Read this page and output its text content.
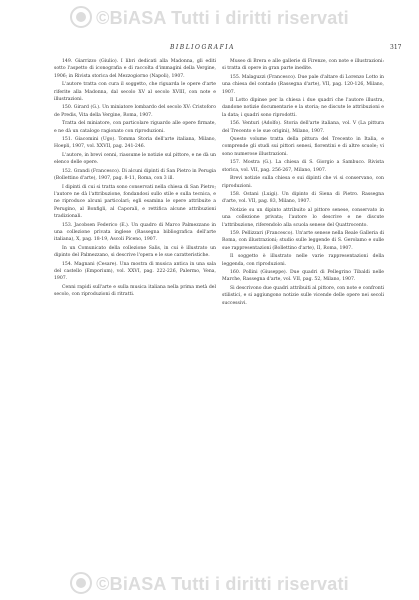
©BiASA Tutti i diritti riservati
BIBLIOGRAFIA	317

149. Giarrizzo (Giulio). I libri dedicati alla Madonna, gli editi sotto l'aspetto di iconografia e di raccolta d'immagini della Vergine, 1906; in Rivista storica del Mezzogiorno (Napoli), 1907.

L'autore tratta con cura il soggetto, che riguarda le opere d'arte riferite alla Madonna, dal secolo XV al secolo XVIII, con note e illustrazioni.

150. Girard (G.). Un miniatore lombardo del secolo XV: Cristoforo de Predis, Vita della Vergine, Roma, 1907.

Tratta del miniatore, con particolare riguardo alle opere firmate, e ne dà un catalogo ragionato con riproduzioni.

151. Giacomini (Ugo). Tomma Storia dell'arte italiana, Milano, Hoepli, 1907, vol. XXVII, pag. 241-246.

L'autore, in brevi cenni, riassume le notizie sul pittore, e ne dà un elenco delle opere.

152. Grandi (Francesco). Di alcuni dipinti di San Pietro in Perugia (Bollettino d'arte), 1907, pag. 8-11, Roma, con 3 ill.

I dipinti di cui si tratta sono conservati nella chiesa di San Pietro; l'autore ne dà l'attribuzione, fondandosi sullo stile e sulla tecnica, e ne riproduce alcuni particolari; egli esamina le opere attribuite a Perugino, al Bonfigli, al Caporali, e rettifica alcune attribuzioni tradizionali.

153. Jacobsen Federico (E.). Un quadro di Marco Palmezzano in una collezione privata inglese (Rassegna bibliografica dell'arte italiana), X, pag. 18-19, Ascoli Piceno, 1907.

In un Comunicato della collezione Salis, in cui è illustrato un dipinto del Palmezzano, si descrive l'opera e le sue caratteristiche.

154. Magnani (Cesare). Una mostra di musica antica in una sala del castello (Emporium), vol. XXVI, pag. 222-226, Palermo, Vena, 1907.

Cenni rapidi sull'arte e sulla musica italiana nella prima metà del secolo, con riproduzioni di ritratti.

Museo di Brera e alle gallerie di Firenze, con note e illustrazioni: si tratta di opere in gran parte inedite.

155. Malaguzzi (Francesco). Due pale d'altare di Lorenzo Lotto in una chiesa del contado (Rassegna d'arte), VII, pag. 120-126, Milano, 1907.

Il Lotto dipinse per la chiesa i due quadri che l'autore illustra, dandone notizie documentarie e la storia; ne discute le attribuzioni e la data; i quadri sono riprodotti.

156. Venturi (Adolfo). Storia dell'arte italiana, vol. V (La pittura del Trecento e le sue origini), Milano, 1907.

Questo volume tratta della pittura del Trecento in Italia, e comprende gli studi sui pittori senesi, fiorentini e di altre scuole; vi sono numerose illustrazioni.

157. Mostra (G.). La chiesa di S. Giorgio a Sambuco. Rivista storica, vol. VII, pag. 256-267, Milano, 1907.

Brevi notizie sulla chiesa e sui dipinti che vi si conservano, con riproduzioni.

158. Ostani (Luigi). Un dipinto di Siena di Pietro. Rassegna d'arte, vol. VII, pag. 83, Milano, 1907.

Notizie su un dipinto attribuito al pittore senese, conservato in una collezione privata; l'autore lo descrive e ne discute l'attribuzione, riferendolo alla scuola senese del Quattrocento.

159. Pellizzari (Francesco). Un'arte senese nella Reale Galleria di Roma, con illustrazioni; studio sulle leggende di S. Gerolamo e sulle sue rappresentazioni (Bollettino d'arte), II, Roma, 1907.

Il soggetto è illustrato nelle varie rappresentazioni della leggenda, con riproduzioni.

160. Pollini (Giuseppe). Due quadri di Pellegrino Tibaldi nelle Marche, Rassegna d'arte, vol. VII, pag. 52, Milano, 1907.

Si descrivono due quadri attribuiti al pittore, con note e confronti stilistici, e si aggiungono notizie sulle vicende delle opere nei secoli successivi.

©BiASA Tutti i diritti riservati
